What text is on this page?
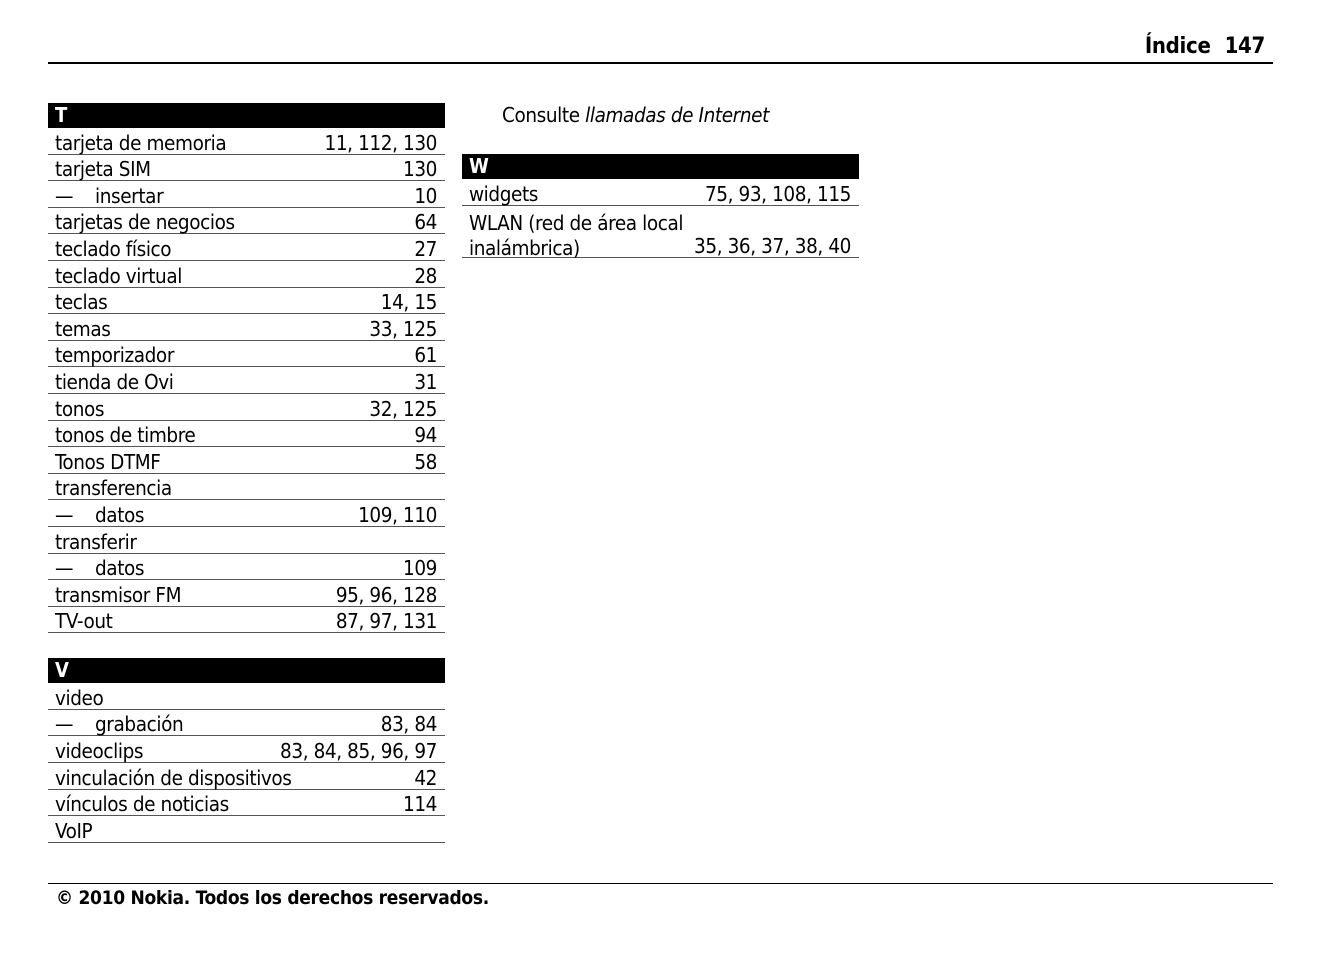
Índice 147
T
tarjeta de memoria	11, 112, 130
tarjeta SIM	130
— insertar	10
tarjetas de negocios	64
teclado físico	27
teclado virtual	28
teclas	14, 15
temas	33, 125
temporizador	61
tienda de Ovi	31
tonos	32, 125
tonos de timbre	94
Tonos DTMF	58
transferencia
— datos	109, 110
transferir
— datos	109
transmisor FM	95, 96, 128
TV-out	87, 97, 131
V
video
— grabación	83, 84
videoclips	83, 84, 85, 96, 97
vinculación de dispositivos	42
vínculos de noticias	114
VoIP
Consulte llamadas de Internet
W
widgets	75, 93, 108, 115
WLAN (red de área local inalámbrica)	35, 36, 37, 38, 40
© 2010 Nokia. Todos los derechos reservados.
